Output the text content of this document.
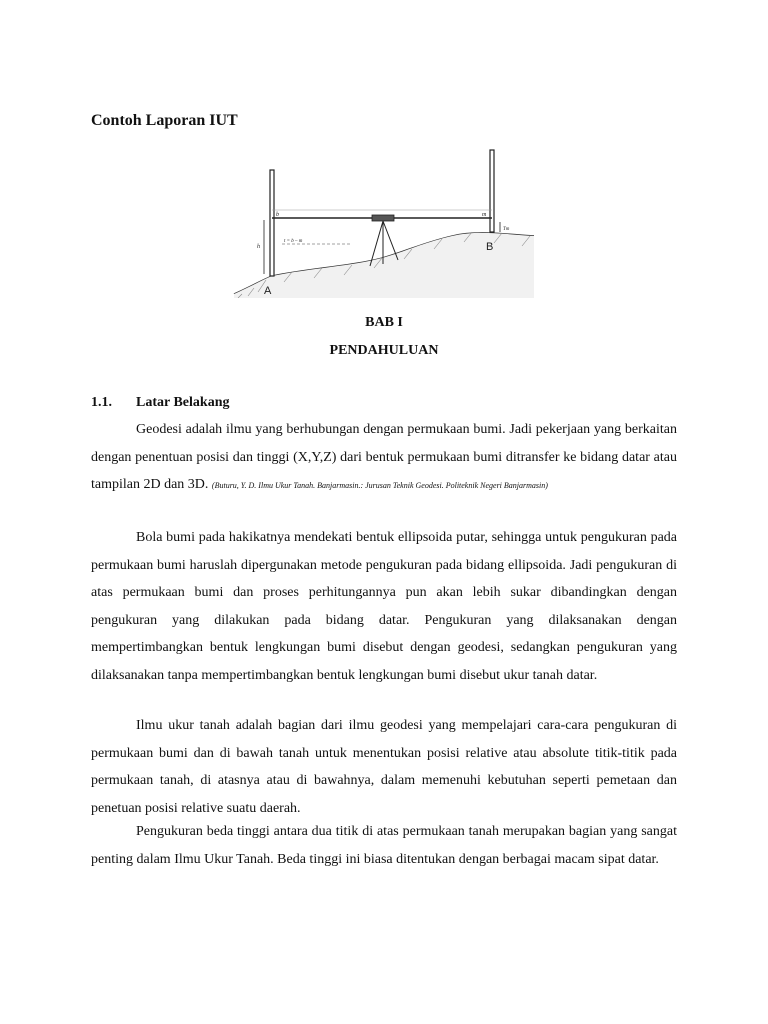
Contoh Laporan IUT
b	m
h
t = b – m
Tm
A
B
BAB I
PENDAHULUAN
1.1. Latar Belakang

Geodesi adalah ilmu yang berhubungan dengan permukaan bumi. Jadi pekerjaan yang berkaitan dengan penentuan posisi dan tinggi (X,Y,Z) dari bentuk permukaan bumi ditransfer ke bidang datar atau tampilan 2D dan 3D. (Buturu, Y. D. Ilmu Ukur Tanah. Banjarmasin.: Jurusan Teknik Geodesi. Politeknik Negeri Banjarmasin)

Bola bumi pada hakikatnya mendekati bentuk ellipsoida putar, sehingga untuk pengukuran pada permukaan bumi haruslah dipergunakan metode pengukuran pada bidang ellipsoida. Jadi pengukuran di atas permukaan bumi dan proses perhitungannya pun akan lebih sukar dibandingkan dengan pengukuran yang dilakukan pada bidang datar. Pengukuran yang dilaksanakan dengan mempertimbangkan bentuk lengkungan bumi disebut dengan geodesi, sedangkan pengukuran yang dilaksanakan tanpa mempertimbangkan bentuk lengkungan bumi disebut ukur tanah datar.

Ilmu ukur tanah adalah bagian dari ilmu geodesi yang mempelajari cara-cara pengukuran di permukaan bumi dan di bawah tanah untuk menentukan posisi relative atau absolute titik-titik pada permukaan tanah, di atasnya atau di bawahnya, dalam memenuhi kebutuhan seperti pemetaan dan penetuan posisi relative suatu daerah.

Pengukuran beda tinggi antara dua titik di atas permukaan tanah merupakan bagian yang sangat penting dalam Ilmu Ukur Tanah. Beda tinggi ini biasa ditentukan dengan berbagai macam sipat datar.
